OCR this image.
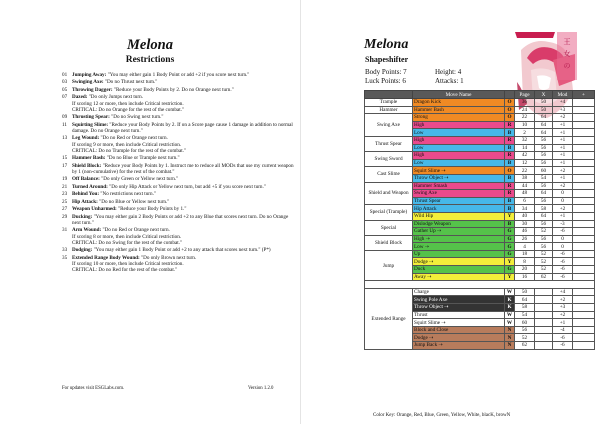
Melona
Restrictions
01 Jumping Away: "You may either gain 1 Body Point or add +2 if you score next turn."
03 Swinging Axe: "Do no Thrust next turn."
05 Throwing Dagger: "Reduce your Body Points by 2. Do no Orange next turn."
07 Dazed: "Do only Jumps next turn.
If scoring 12 or more, then include Critical restriction.
CRITICAL: Do no Orange for the rest of the combat."
09 Thrusting Spear: "Do no Swing next turn."
11 Squirting Slime: "Reduce your Body Points by 2. If on a Score page cause 1 damage in addition to normal damage. Do no Orange next turn."
13 Leg Wound: "Do no Red or Orange next turn.
If scoring 9 or more, then include Critical restriction.
CRITICAL: Do no Trample for the rest of the combat."
15 Hammer Bash: "Do no Blue or Trample next turn."
17 Shield Block: "Reduce your Body Points by 1. Instruct me to reduce all MODs that use my current weapon by 1 (non-cumulative) for the rest of the combat."
19 Off Balance: "Do only Green or Yellow next turn."
21 Turned Around: "Do only Hip Attack or Yellow next turn, but add +5 if you score next turn."
23 Behind You: "No restrictions next turn."
25 Hip Attack: "Do no Blue or Yellow next turn."
27 Weapon Unharmed: "Reduce your Body Points by 1."
29 Ducking: "You may either gain 2 Body Points or add +2 to any Blue that scores next turn. Do no Orange next turn."
31 Arm Wound: "Do no Red or Orange next turn.
If scoring 8 or more, then include Critical restriction.
CRITICAL: Do no Swing for the rest of the combat."
33 Dodging: "You may either gain 1 Body Point or add +2 to any attack that scores next turn." (P*)
35 Extended Range Body Wound: "Do only Brown next turn.
If scoring 10 or more, then include Critical restriction.
CRITICAL: Do no Red for the rest of the combat."
For updates visit ESGLabs.com.	Version 1.2.0
Melona
Shapeshifter
Body Points: 7
Luck Points: 6
Height: 4
Attacks: 1
王
女
の
	Move Name		Page	X	Mod	+
Trample	Dragon Kick	O	36	50	+4	
Hammer	Hammer Bash	O	24	50	+3	
Swing Axe	Strong	O	22	64	+2	
	High	R	10	64	+1	
	Low	B	2	64	+1	
Thrust Spear	High	R	32	56	+1	
	Low	B	14	56	+1	
Swing Sword	High	R	42	56	+1	
	Low	B	12	56	+1	
Cast Slime	Squirt Slime ⇢	O	22	60	+2	
	Throw Object ⇢	B	38	54	+1	
Shield and Weapon	Hammer Smash	R	44	56	+2	
	Swing Axe	R	48	64	0	
	Thrust Spear	B	6	56	0	
Special (Trample)	Hip Attack	B	34	58	+2	
	Wild Hip	Y	40	64	+1	
Special	Dislodge Weapon	B	30	56	-3	
	Gather Up ⇢	G	46	52	-6	
Shield Block	High ⇢	G	26	56	0	
	Low ⇢	G	4	56	0	
Jump	Up	G	18	52	-6	
	Dodge ⇢	Y	8	52	-6	
	Duck	G	20	52	-6	
	Away ⇢	Y	16	62	-6	

Extended Range	Charge	W	50		+4	
	Swing Pole Axe	K	64		+2	
	Throw Object ⇢	K	58		+3	
	Thrust	W	54		+2	
	Squirt Slime ⇢	W	60		+1	
	Block and Close	N	56		-4	
	Dodge ⇢	N	52		-6	
	Jump Back ⇢	N	62		-6	
Color Key: Orange, Red, Blue, Green, Yellow, White, blacK, browN
